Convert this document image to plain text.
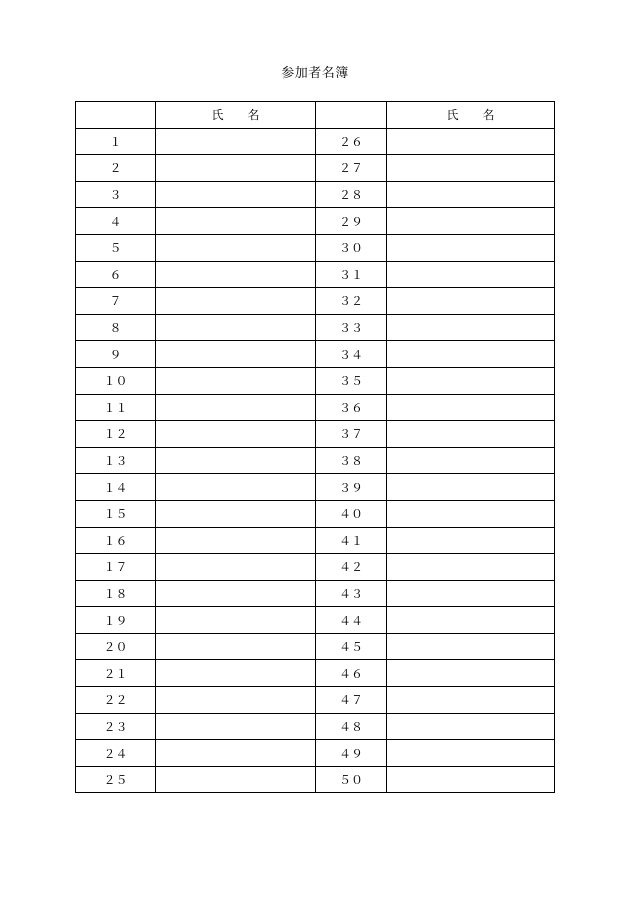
参加者名簿
	氏　　名		氏　　名
１		２６	
２		２７	
３		２８	
４		２９	
５		３０	
６		３１	
７		３２	
８		３３	
９		３４	
１０		３５	
１１		３６	
１２		３７	
１３		３８	
１４		３９	
１５		４０	
１６		４１	
１７		４２	
１８		４３	
１９		４４	
２０		４５	
２１		４６	
２２		４７	
２３		４８	
２４		４９	
２５		５０	
